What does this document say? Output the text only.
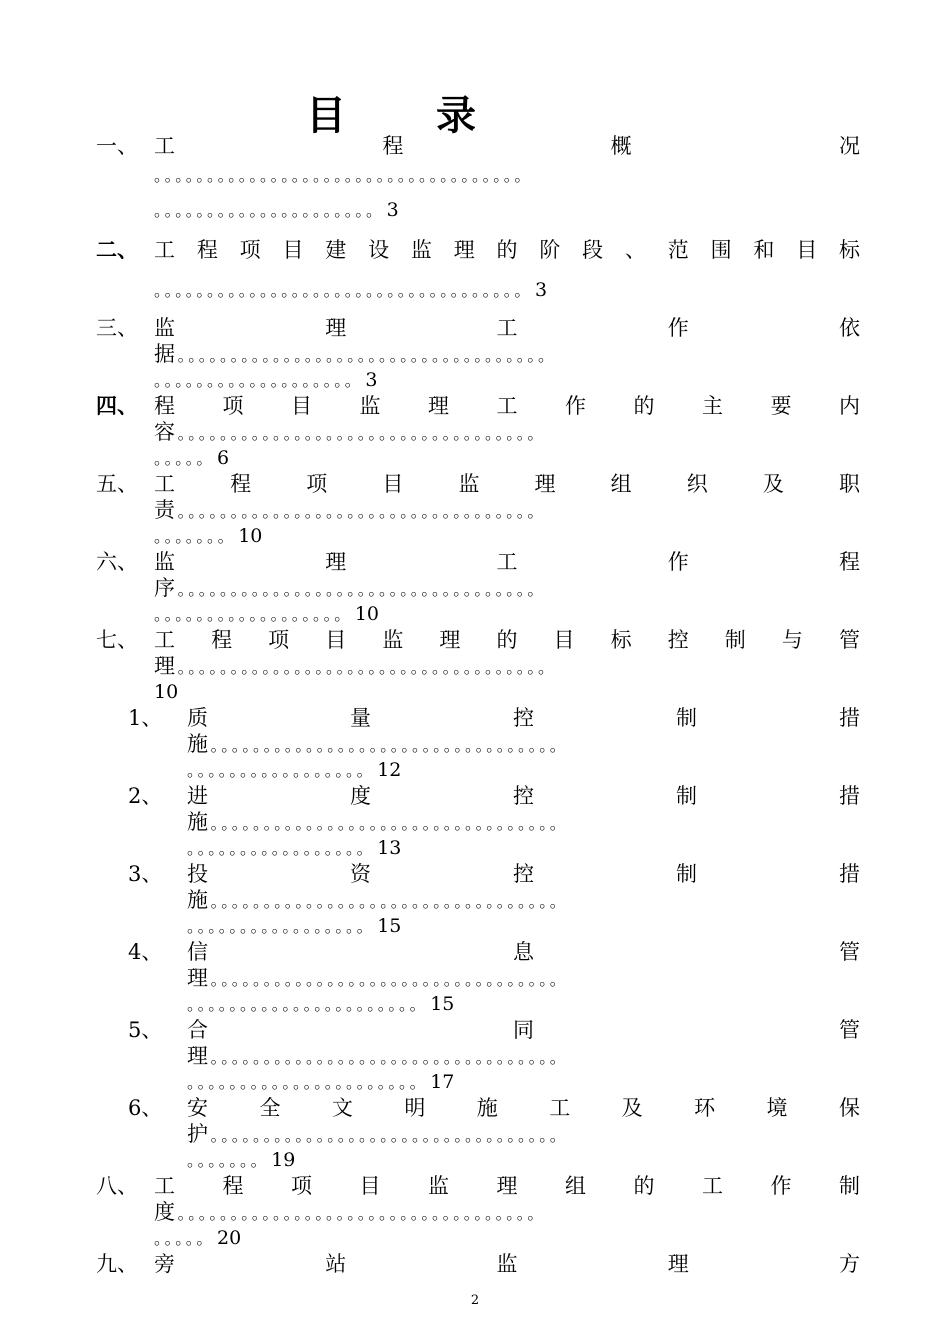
目 录
一、 工	程	概	况
。。。。。。。。。。。。。。。。。。。。。。。。。。。。。。。。。。。
。。。。。。。。。。。。。。。。。。。。。 3
二、 工 程 项 目 建 设 监 理 的 阶 段 、 范 围 和 目 标
。。。。。。。。。。。。。。。。。。。。。。。。。。。。。。。。。。。 3
三、 监	理	工	作	依
据。。。。。。。。。。。。。。。。。。。。。。。。。。。。。。。。。。。
。。。。。。。。。。。。。。。。。。。 3
四、 程 项 目 监 理 工 作 的 主 要 内
容。。。。。。。。。。。。。。。。。。。。。。。。。。。。。。。。。。
。。。。。 6
五、 工	程	项	目	监	理	组	织	及	职
责。。。。。。。。。。。。。。。。。。。。。。。。。。。。。。。。。。
。。。。。。。 10
六、 监	理	工	作	程
序。。。。。。。。。。。。。。。。。。。。。。。。。。。。。。。。。。
。。。。。。。。。。。。。。。。。。 10
七、 工 程 项 目 监 理 的 目 标 控 制 与 管
理。。。。。。。。。。。。。。。。。。。。。。。。。。。。。。。。。。。
10
1、 质	量	控	制	措
施。。。。。。。。。。。。。。。。。。。。。。。。。。。。。。。。。
。。。。。。。。。。。。。。。。。 12
2、 进	度	控	制	措
施。。。。。。。。。。。。。。。。。。。。。。。。。。。。。。。。。
。。。。。。。。。。。。。。。。。 13
3、 投	资	控	制	措
施。。。。。。。。。。。。。。。。。。。。。。。。。。。。。。。。。
。。。。。。。。。。。。。。。。。 15
4、 信	息	管
理。。。。。。。。。。。。。。。。。。。。。。。。。。。。。。。。。
。。。。。。。。。。。。。。。。。。。。。。 15
5、 合	同	管
理。。。。。。。。。。。。。。。。。。。。。。。。。。。。。。。。。
。。。。。。。。。。。。。。。。。。。。。。 17
6、 安 全 文 明 施 工 及 环 境 保
护。。。。。。。。。。。。。。。。。。。。。。。。。。。。。。。。。
。。。。。。。 19
八、 工 程 项 目 监 理 组 的 工 作 制
度。。。。。。。。。。。。。。。。。。。。。。。。。。。。。。。。。。
。。。。。 20
九、 旁	站	监	理	方
2
